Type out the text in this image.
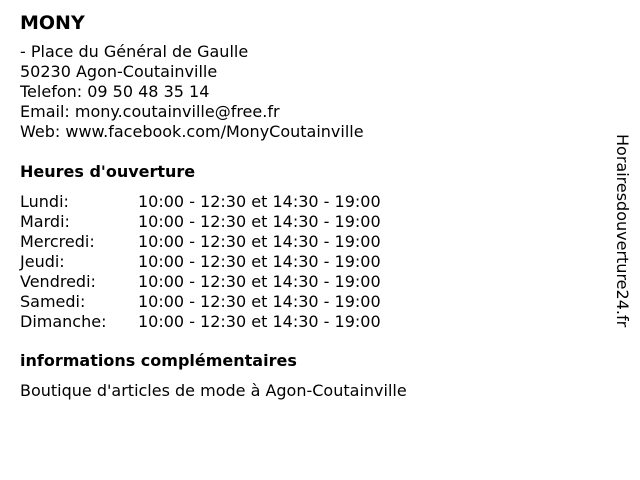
MONY
- Place du Général de Gaulle
50230 Agon-Coutainville
Telefon: 09 50 48 35 14
Email: mony.coutainville@free.fr
Web: www.facebook.com/MonyCoutainville
Heures d'ouverture
Lundi:	10:00 - 12:30 et 14:30 - 19:00
Mardi:	10:00 - 12:30 et 14:30 - 19:00
Mercredi:	10:00 - 12:30 et 14:30 - 19:00
Jeudi:	10:00 - 12:30 et 14:30 - 19:00
Vendredi:	10:00 - 12:30 et 14:30 - 19:00
Samedi:	10:00 - 12:30 et 14:30 - 19:00
Dimanche:	10:00 - 12:30 et 14:30 - 19:00
informations complémentaires
Boutique d'articles de mode à Agon-Coutainville
Horairesdouverture24.fr
